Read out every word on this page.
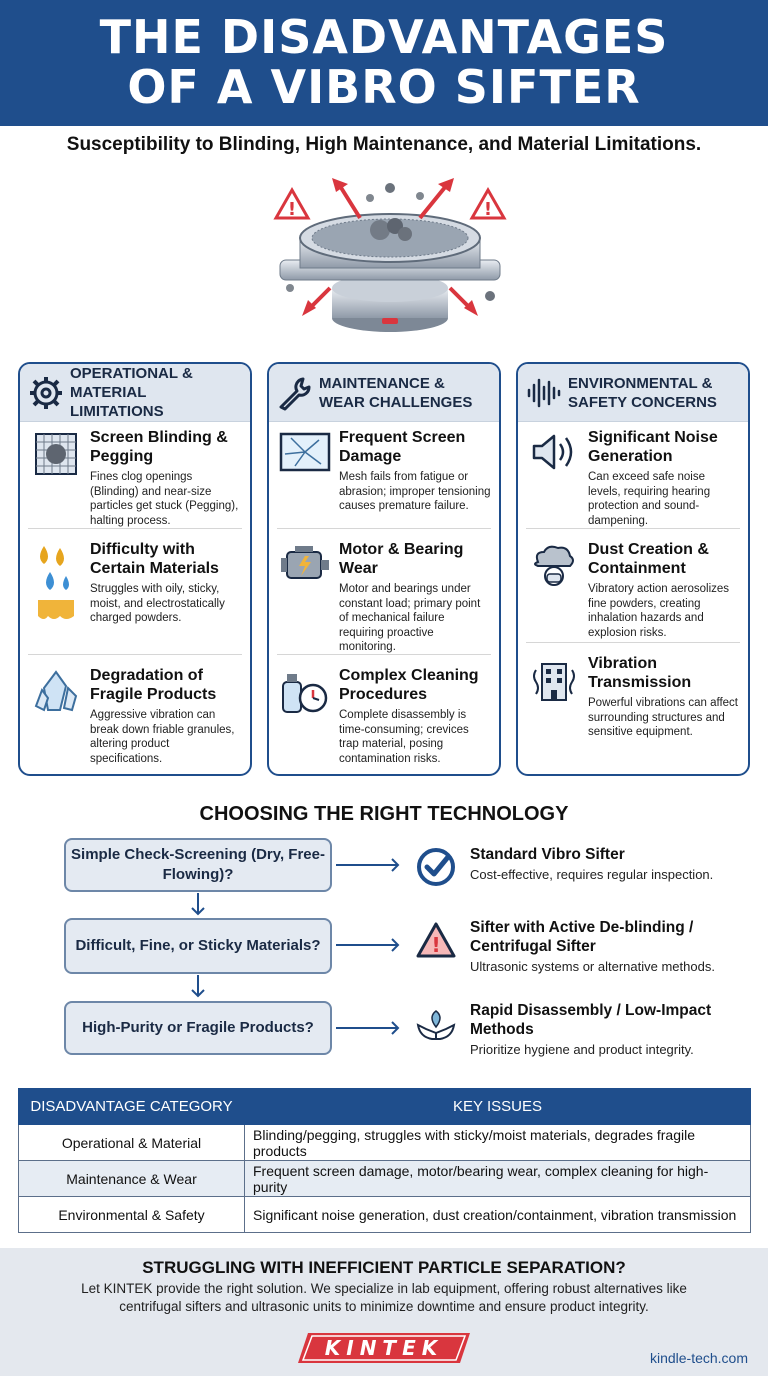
THE DISADVANTAGES
OF A VIBRO SIFTER
Susceptibility to Blinding, High Maintenance, and Material Limitations.
!	!
OPERATIONAL & MATERIAL LIMITATIONS
Screen Blinding & Pegging
Fines clog openings (Blinding) and near-size particles get stuck (Pegging), halting process.
Difficulty with Certain Materials
Struggles with oily, sticky, moist, and electrostatically charged powders.
Degradation of Fragile Products
Aggressive vibration can break down friable granules, altering product specifications.
MAINTENANCE & WEAR CHALLENGES
Frequent Screen Damage
Mesh fails from fatigue or abrasion; improper tensioning causes premature failure.
Motor & Bearing Wear
Motor and bearings under constant load; primary point of mechanical failure requiring proactive monitoring.
Complex Cleaning Procedures
Complete disassembly is time-consuming; crevices trap material, posing contamination risks.
ENVIRONMENTAL & SAFETY CONCERNS
Significant Noise Generation
Can exceed safe noise levels, requiring hearing protection and sound-dampening.
Dust Creation & Containment
Vibratory action aerosolizes fine powders, creating inhalation hazards and explosion risks.
Vibration Transmission
Powerful vibrations can affect surrounding structures and sensitive equipment.
CHOOSING THE RIGHT TECHNOLOGY
Simple Check-Screening (Dry, Free-Flowing)?
Difficult, Fine, or Sticky Materials?
High-Purity or Fragile Products?
Standard Vibro Sifter
Cost-effective, requires regular inspection.
!
Sifter with Active De-blinding / Centrifugal Sifter
Ultrasonic systems or alternative methods.
Rapid Disassembly / Low-Impact Methods
Prioritize hygiene and product integrity.
DISADVANTAGE CATEGORY	KEY ISSUES
Operational & Material	Blinding/pegging, struggles with sticky/moist materials, degrades fragile products
Maintenance & Wear	Frequent screen damage, motor/bearing wear, complex cleaning for high-purity
Environmental & Safety	Significant noise generation, dust creation/containment, vibration transmission
STRUGGLING WITH INEFFICIENT PARTICLE SEPARATION?
Let KINTEK provide the right solution. We specialize in lab equipment, offering robust alternatives like centrifugal sifters and ultrasonic units to minimize downtime and ensure product integrity.
KINTEK	kindle-tech.com
